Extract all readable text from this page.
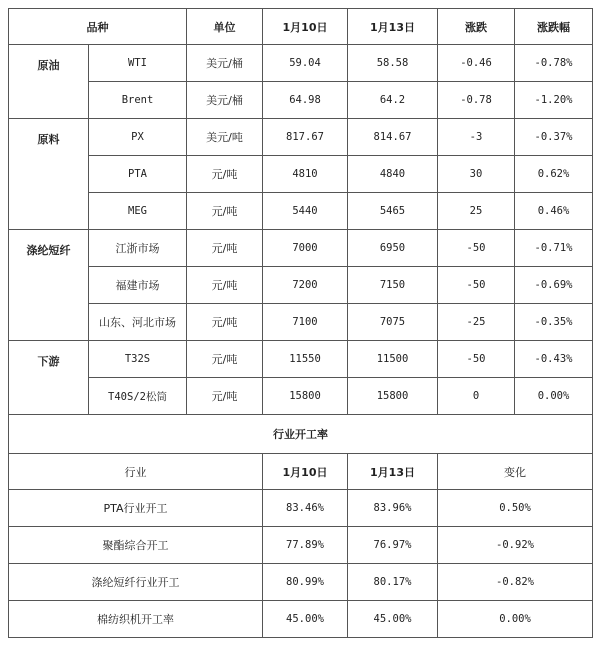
品种		单位	1月10日	1月13日	涨跌	涨跌幅
原油	WTI	美元/桶	59.04	58.58	-0.46	-0.78%
	Brent	美元/桶	64.98	64.2	-0.78	-1.20%
原料	PX	美元/吨	817.67	814.67	-3	-0.37%
	PTA	元/吨	4810	4840	30	0.62%
	MEG	元/吨	5440	5465	25	0.46%
涤纶短纤	江浙市场	元/吨	7000	6950	-50	-0.71%
	福建市场	元/吨	7200	7150	-50	-0.69%
	山东、河北市场	元/吨	7100	7075	-25	-0.35%
下游	T32S	元/吨	11550	11500	-50	-0.43%
	T40S/2松筒	元/吨	15800	15800	0	0.00%
行业开工率						
行业			1月10日	1月13日	变化	
PTA行业开工			83.46%	83.96%	0.50%	
聚酯综合开工			77.89%	76.97%	-0.92%	
涤纶短纤行业开工			80.99%	80.17%	-0.82%	
棉纺织机开工率			45.00%	45.00%	0.00%	
